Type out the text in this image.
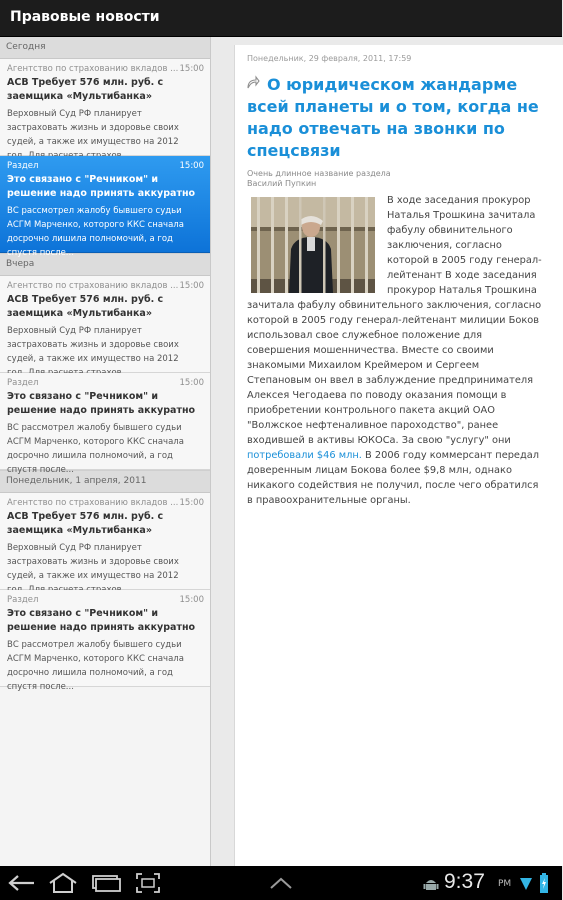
Правовые новости
Сегодня
Агентство по страхованию вкладов ... 15:00
АСВ Требует 576 млн. руб. с заемщика «Мультибанка»
Верховный Суд РФ планирует застраховать жизнь и здоровье своих судей, а также их имущество на 2012
Раздел	15:00
Это связано с "Речником" и решение надо принять аккуратно
ВС рассмотрел жалобу бывшего судьи АСГМ Марченко, которого ККС сначала досрочно лишила полномочий, а год спустя после...
Вчера
Агентство по страхованию вкладов ... 15:00
АСВ Требует 576 млн. руб. с заемщика «Мультибанка»
Верховный Суд РФ планирует застраховать жизнь и здоровье своих судей, а также их имущество на 2012
Раздел	15:00
Это связано с "Речником" и решение надо принять аккуратно
ВС рассмотрел жалобу бывшего судьи АСГМ Марченко, которого ККС сначала досрочно лишила полномочий, а год спустя после...
Понедельник, 1 апреля, 2011
Агентство по страхованию вкладов ... 15:00
АСВ Требует 576 млн. руб. с заемщика «Мультибанка»
Верховный Суд РФ планирует застраховать жизнь и здоровье своих судей, а также их имущество на 2012
Раздел	15:00
Это связано с "Речником" и решение надо принять аккуратно
ВС рассмотрел жалобу бывшего судьи АСГМ Марченко, которого ККС сначала досрочно лишила полномочий, а год спустя после...
Понедельник, 29 февраля, 2011, 17:59
О юридическом жандарме всей планеты и о том, когда не надо отвечать на звонки по спецсвязи
Очень длинное название раздела
Василий Пупкин
В ходе заседания прокурор Наталья Трошкина зачитала фабулу обвинительного заключения, согласно которой в 2005 году генерал-лейтенант В ходе заседания прокурор Наталья Трошкина зачитала фабулу обвинительного заключения, согласно которой в 2005 году генерал-лейтенант милиции Боков использовал свое служебное положение для совершения мошенничества. Вместе со своими знакомыми Михаилом Креймером и Сергеем Степановым он ввел в заблуждение предпринимателя Алексея Чегодаева по поводу оказания помощи в приобретении контрольного пакета акций ОАО "Волжское нефтеналивное пароходство", ранее входившей в активы ЮКОСа. За свою "услугу" они потребовали $46 млн. В 2006 году коммерсант передал доверенным лицам Бокова более $9,8 млн, однако никакого содействия не получил, после чего обратился в правоохранительные органы.
9:37 PM
